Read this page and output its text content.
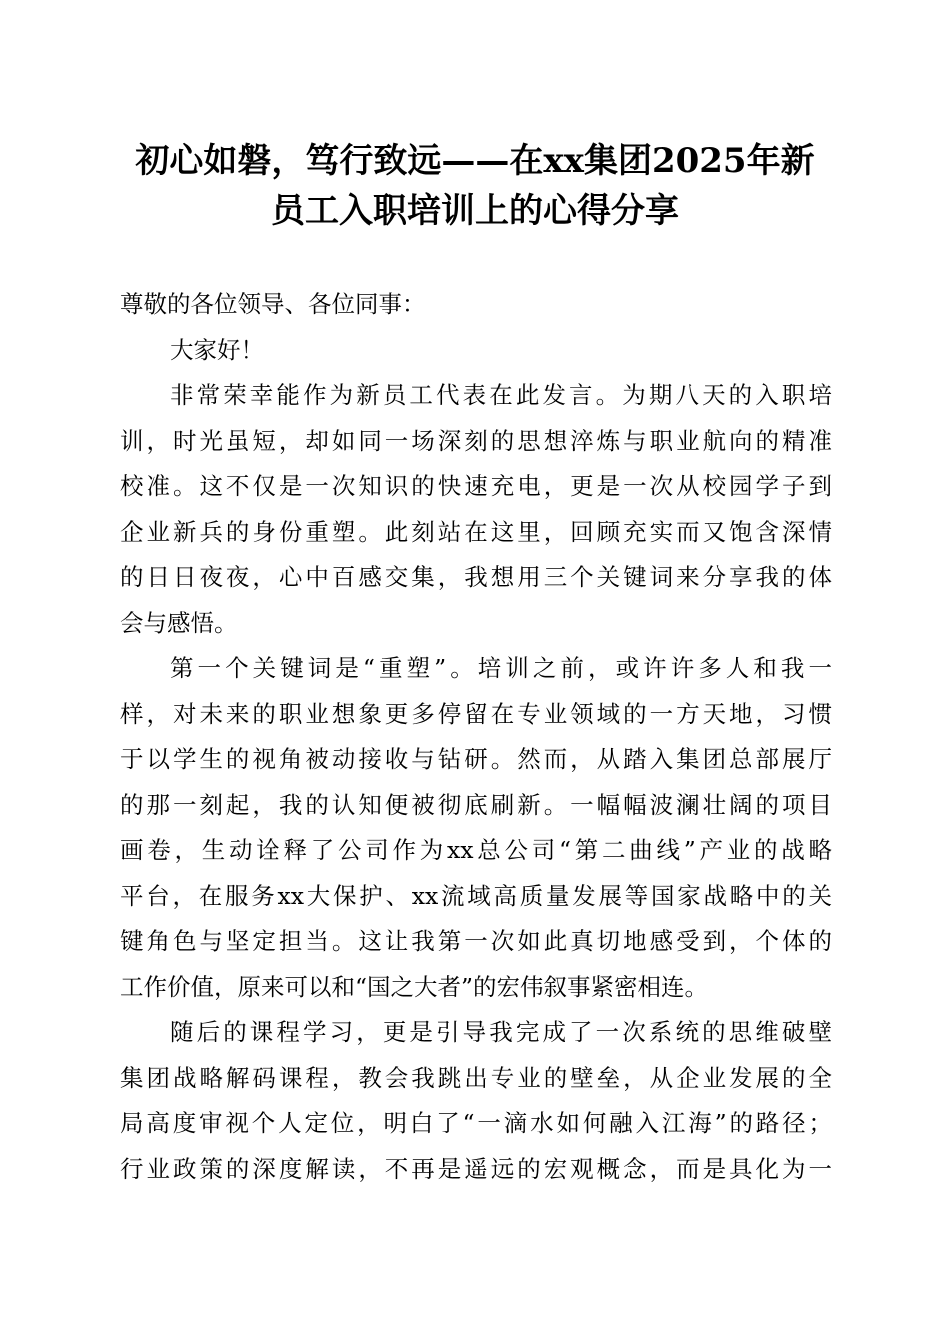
初心如磐，笃行致远——在xx集团2025年新
员工入职培训上的心得分享
尊敬的各位领导、各位同事：
大家好！
非常荣幸能作为新员工代表在此发言。为期八天的入职培
训，时光虽短，却如同一场深刻的思想淬炼与职业航向的精准
校准。这不仅是一次知识的快速充电，更是一次从校园学子到
企业新兵的身份重塑。此刻站在这里，回顾充实而又饱含深情
的日日夜夜，心中百感交集，我想用三个关键词来分享我的体
会与感悟。
第一个关键词是“重塑”。培训之前，或许许多人和我一
样，对未来的职业想象更多停留在专业领域的一方天地，习惯
于以学生的视角被动接收与钻研。然而，从踏入集团总部展厅
的那一刻起，我的认知便被彻底刷新。一幅幅波澜壮阔的项目
画卷，生动诠释了公司作为xx总公司“第二曲线”产业的战略
平台，在服务xx大保护、xx流域高质量发展等国家战略中的关
键角色与坚定担当。这让我第一次如此真切地感受到，个体的
工作价值，原来可以和“国之大者”的宏伟叙事紧密相连。
随后的课程学习，更是引导我完成了一次系统的思维破壁
集团战略解码课程，教会我跳出专业的壁垒，从企业发展的全
局高度审视个人定位，明白了“一滴水如何融入江海”的路径；
行业政策的深度解读，不再是遥远的宏观概念，而是具化为一
